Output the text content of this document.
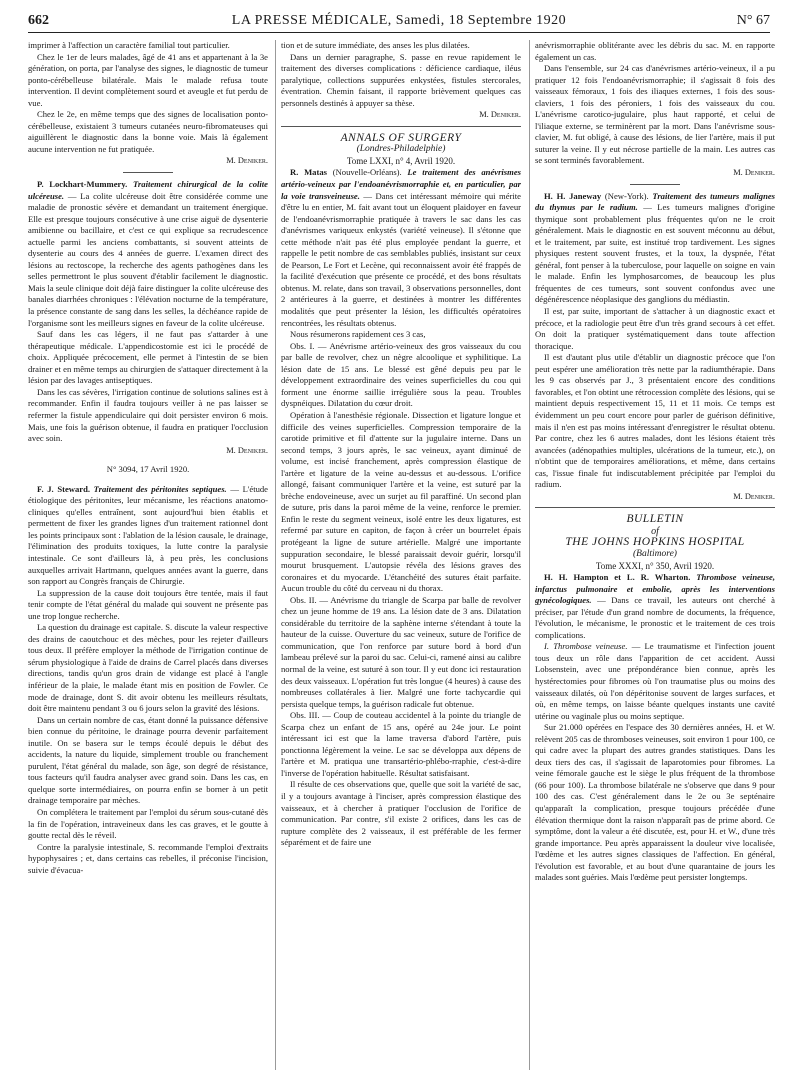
662	LA PRESSE MÉDICALE, Samedi, 18 Septembre 1920	N° 67

imprimer à l'affection un caractère familial tout particulier.

Chez le 1er de leurs malades, âgé de 41 ans et appartenant à la 3e génération, on porta, par l'analyse des signes, le diagnostic de tumeur ponto-cérébelleuse bilatérale. Mais le malade refusa toute intervention. Il devint complètement sourd et aveugle et fut perdu de vue.

Chez le 2e, en même temps que des signes de localisation ponto-cérébelleuse, existaient 3 tumeurs cutanées neuro-fibromateuses qui aiguillèrent le diagnostic dans la bonne voie. Mais là également aucune intervention ne fut pratiquée.

M. Deniker.

P. Lockhart-Mummery. Traitement chirurgical de la colite ulcéreuse. — La colite ulcéreuse doit être considérée comme une maladie de pronostic sévère et demandant un traitement énergique. Elle est presque toujours consécutive à une crise aiguë de dysenterie amibienne ou bacillaire, et c'est ce qui explique sa recrudescence actuelle parmi les anciens combattants, si souvent atteints de dysenterie au cours des 4 années de guerre. L'examen direct des lésions au rectoscope, la recherche des agents pathogènes dans les selles permettront le plus souvent d'établir facilement le diagnostic. Mais la seule clinique doit déjà faire distinguer la colite ulcéreuse des banales diarrhées chroniques : l'élévation nocturne de la température, la présence constante de sang dans les selles, la déchéance rapide de l'organisme sont les meilleurs signes en faveur de la colite ulcéreuse.

Sauf dans les cas légers, il ne faut pas s'attarder à une thérapeutique médicale. L'appendicostomie est ici le procédé de choix. Appliquée précocement, elle permet à l'intestin de se bien drainer et en même temps au chirurgien de s'attaquer directement à la lésion par des lavages antiseptiques.

Dans les cas sévères, l'irrigation continue de solutions salines est à recommander. Enfin il faudra toujours veiller à ne pas laisser se refermer la fistule appendiculaire qui doit persister environ 6 mois. Mais, une fois la guérison obtenue, il faudra en pratiquer l'occlusion avec soin.

M. Deniker.

N° 3094, 17 Avril 1920.

F. J. Steward. Traitement des péritonites septiques. — L'étude étiologique des péritonites, leur mécanisme, les réactions anatomo-cliniques qu'elles entraînent, sont aujourd'hui bien établis et permettent de fixer les grandes lignes d'un traitement rationnel dont les points principaux sont : l'ablation de la lésion causale, le drainage, l'élimination des produits toxiques, la lutte contre la paralysie intestinale. Ce sont d'ailleurs là, à peu près, les conclusions auxquelles arrivait Hartmann, quelques années avant la guerre, dans son rapport au Congrès français de Chirurgie.

La suppression de la cause doit toujours être tentée, mais il faut tenir compte de l'état général du malade qui souvent ne présente pas une trop longue recherche.

La question du drainage est capitale. S. discute la valeur respective des drains de caoutchouc et des mèches, pour les rejeter d'ailleurs tous deux. Il préfère employer la méthode de l'irrigation continue de sérum physiologique à l'aide de drains de Carrel placés dans diverses directions, tandis qu'un gros drain de vidange est placé à l'angle inférieur de la plaie, le malade étant mis en position de Fowler. Ce mode de drainage, dont S. dit avoir obtenu les meilleurs résultats, doit être maintenu pendant 3 ou 6 jours selon la gravité des lésions.

Dans un certain nombre de cas, étant donné la puissance défensive bien connue du péritoine, le drainage pourra devenir parfaitement inutile. On se basera sur le temps écoulé depuis le début des accidents, la nature du liquide, simplement trouble ou franchement purulent, l'état général du malade, son âge, son degré de résistance, tous facteurs qu'il faudra analyser avec grand soin. Dans les cas, en quelque sorte intermédiaires, on pourra enfin se borner à un petit drainage temporaire par mèches.

On complétera le traitement par l'emploi du sérum sous-cutané dès la fin de l'opération, intraveineux dans les cas graves, et le goutte à goutte rectal dès le réveil.

Contre la paralysie intestinale, S. recommande l'emploi d'extraits hypophysaires ; et, dans certains cas rebelles, il préconise l'incision, suivie d'évacua-

tion et de suture immédiate, des anses les plus dilatées.

Dans un dernier paragraphe, S. passe en revue rapidement le traitement des diverses complications : déficience cardiaque, iléus paralytique, collections suppurées enkystées, fistules stercorales, éventration. Chemin faisant, il rapporte brièvement quelques cas personnels destinés à appuyer sa thèse.

M. Deniker.

ANNALS OF SURGERY

(Londres-Philadelphie)

Tome LXXI, n° 4, Avril 1920.

R. Matas (Nouvelle-Orléans). Le traitement des anévrismes artério-veineux par l'endoanévrismorraphie et, en particulier, par la voie transveineuse. — Dans cet intéressant mémoire qui mérite d'être lu en entier, M. fait avant tout un éloquent plaidoyer en faveur de l'endoanévrismorraphie pratiquée à travers le sac dans les cas d'anévrismes variqueux enkystés (variété veineuse). Il s'étonne que cette méthode n'ait pas été plus employée pendant la guerre, et rappelle le petit nombre de cas semblables publiés, insistant sur ceux de Pearson, Le Fort et Lecène, qui reconnaissent avoir été frappés de la facilité d'exécution que présente ce procédé, et des bons résultats obtenus. M. relate, dans son travail, 3 observations personnelles, dont 2 antérieures à la guerre, et destinées à montrer les différentes modalités que peut présenter la lésion, les difficultés opératoires rencontrées, les résultats obtenus.

Nous résumerons rapidement ces 3 cas,

Obs. I. — Anévrisme artério-veineux des gros vaisseaux du cou par balle de revolver, chez un nègre alcoolique et syphilitique. La lésion date de 15 ans. Le blessé est gêné depuis peu par le développement extraordinaire des veines superficielles du cou qui forment une énorme saillie irrégulière sous la peau. Troubles dyspnéiques. Dilatation du cœur droit.

Opération à l'anesthésie régionale. Dissection et ligature longue et difficile des veines superficielles. Compression temporaire de la carotide primitive et fil d'attente sur la jugulaire interne. Dans un second temps, 3 jours après, le sac veineux, ayant diminué de volume, est incisé franchement, après compression élastique de l'artère et ligature de la veine au-dessus et au-dessous. L'orifice allongé, faisant communiquer l'artère et la veine, est suturé par la brèche endoveineuse, avec un surjet au fil paraffiné. Un second plan de suture, pris dans la paroi même de la veine, renforce le premier. Enfin le reste du segment veineux, isolé entre les deux ligatures, est refermé par suture en capiton, de façon à créer un bourrelet épais protégeant la ligne de suture artérielle. Malgré une importante suppuration secondaire, le blessé paraissait devoir guérir, lorsqu'il mourut brusquement. L'autopsie révéla des lésions graves des coronaires et du myocarde. L'étanchéité des sutures était parfaite. Aucun trouble du côté du cerveau ni du thorax.

Obs. II. — Anévrisme du triangle de Scarpa par balle de revolver chez un jeune homme de 19 ans. La lésion date de 3 ans. Dilatation considérable du territoire de la saphène interne s'étendant à toute la hauteur de la cuisse. Ouverture du sac veineux, suture de l'orifice de communication, que l'on renforce par suture bord à bord d'un lambeau prélevé sur la paroi du sac. Celui-ci, ramené ainsi au calibre normal de la veine, est suturé à son tour. Il y eut donc ici restauration des deux vaisseaux. L'opération fut très longue (4 heures) à cause des nombreuses collatérales à lier. Malgré une forte tachycardie qui persista quelque temps, la guérison radicale fut obtenue.

Obs. III. — Coup de couteau accidentel à la pointe du triangle de Scarpa chez un enfant de 15 ans, opéré au 24e jour. Le point intéressant ici est que la lame traversa d'abord l'artère, puis ponctionna légèrement la veine. Le sac se développa aux dépens de l'artère et M. pratiqua une transartério-phlébo-rraphie, c'est-à-dire l'inverse de l'opération habituelle. Résultat satisfaisant.

Il résulte de ces observations que, quelle que soit la variété de sac, il y a toujours avantage à l'inciser, après compression élastique des vaisseaux, et à chercher à pratiquer l'occlusion de l'orifice de communication. Par contre, s'il existe 2 orifices, dans les cas de rupture complète des 2 vaisseaux, il est préférable de les fermer séparément et de faire une

anévrismorraphie oblitérante avec les débris du sac. M. en rapporte également un cas.

Dans l'ensemble, sur 24 cas d'anévrismes artério-veineux, il a pu pratiquer 12 fois l'endoanévrismorraphie; il s'agissait 8 fois des vaisseaux fémoraux, 1 fois des iliaques externes, 1 fois des sous-claviers, 1 fois des péroniers, 1 fois des vaisseaux du cou. L'anévrisme carotico-jugulaire, plus haut rapporté, et celui de l'iliaque externe, se terminèrent par la mort. Dans l'anévrisme sous-clavier, M. fut obligé, à cause des lésions, de lier l'artère, mais il put suturer la veine. Il y eut nécrose partielle de la main. Les autres cas se sont terminés favorablement.

M. Deniker.

H. H. Janeway (New-York). Traitement des tumeurs malignes du thymus par le radium. — Les tumeurs malignes d'origine thymique sont probablement plus fréquentes qu'on ne le croit généralement. Mais le diagnostic en est souvent méconnu au début, et le traitement, par suite, est institué trop tardivement. Les signes physiques restent souvent frustes, et la toux, la dyspnée, l'état général, font penser à la tuberculose, pour laquelle on soigne en vain le malade. Enfin les lymphosarcomes, de beaucoup les plus fréquentes de ces tumeurs, sont souvent confondus avec une dégénérescence néoplasique des ganglions du médiastin.

Il est, par suite, important de s'attacher à un diagnostic exact et précoce, et la radiologie peut être d'un très grand secours à cet effet. On doit la pratiquer systématiquement dans toute affection thoracique.

Il est d'autant plus utile d'établir un diagnostic précoce que l'on peut espérer une amélioration très nette par la radiumthérapie. Dans les 9 cas observés par J., 3 présentaient encore des conditions favorables, et l'on obtint une rétrocession complète des lésions, qui se maintient depuis respectivement 15, 11 et 11 mois. Ce temps est évidemment un peu court encore pour parler de guérison définitive, mais il n'en est pas moins intéressant d'enregistrer le résultat obtenu. Par contre, chez les 6 autres malades, dont les lésions étaient très avancées (adénopathies multiples, ulcérations de la tumeur, etc.), on n'obtint que de temporaires améliorations, et même, dans certains cas, l'issue finale fut indiscutablement précipitée par l'emploi du radium.

M. Deniker.

BULLETIN

of

THE JOHNS HOPKINS HOSPITAL

(Baltimore)

Tome XXXI, n° 350, Avril 1920.

H. H. Hampton et L. R. Wharton. Thrombose veineuse, infarctus pulmonaire et embolie, après les interventions gynécologiques. — Dans ce travail, les auteurs ont cherché à préciser, par l'étude d'un grand nombre de documents, la fréquence, l'évolution, le mécanisme, le pronostic et le traitement de ces trois complications.

I. Thrombose veineuse. — Le traumatisme et l'infection jouent tous deux un rôle dans l'apparition de cet accident. Aussi Lobsenstein, avec une prépondérance bien connue, après les hystérectomies pour fibromes où l'on traumatise plus ou moins des vaisseaux dilatés, où l'on dépéritonise souvent de larges surfaces, et où, en même temps, on laisse béante quelques instants une cavité utérine ou vaginale plus ou moins septique.

Sur 21.000 opérées en l'espace des 30 dernières années, H. et W. relèvent 205 cas de thromboses veineuses, soit environ 1 pour 100, ce qui cadre avec la plupart des autres grandes statistiques. Dans les deux tiers des cas, il s'agissait de laparotomies pour fibromes. La veine fémorale gauche est le siège le plus fréquent de la thrombose (66 pour 100). La thrombose bilatérale ne s'observe que dans 9 pour 100 des cas. C'est généralement dans le 2e ou 3e septénaire qu'apparaît la complication, presque toujours précédée d'une élévation thermique dont la raison n'apparaît pas de prime abord. Ce symptôme, dont la valeur a été discutée, est, pour H. et W., d'une très grande importance. Peu après apparaissent la douleur vive localisée, l'œdème et les autres signes classiques de l'affection. En général, l'évolution est favorable, et au bout d'une quarantaine de jours les malades sont guéries. Mais l'œdème peut persister longtemps.
